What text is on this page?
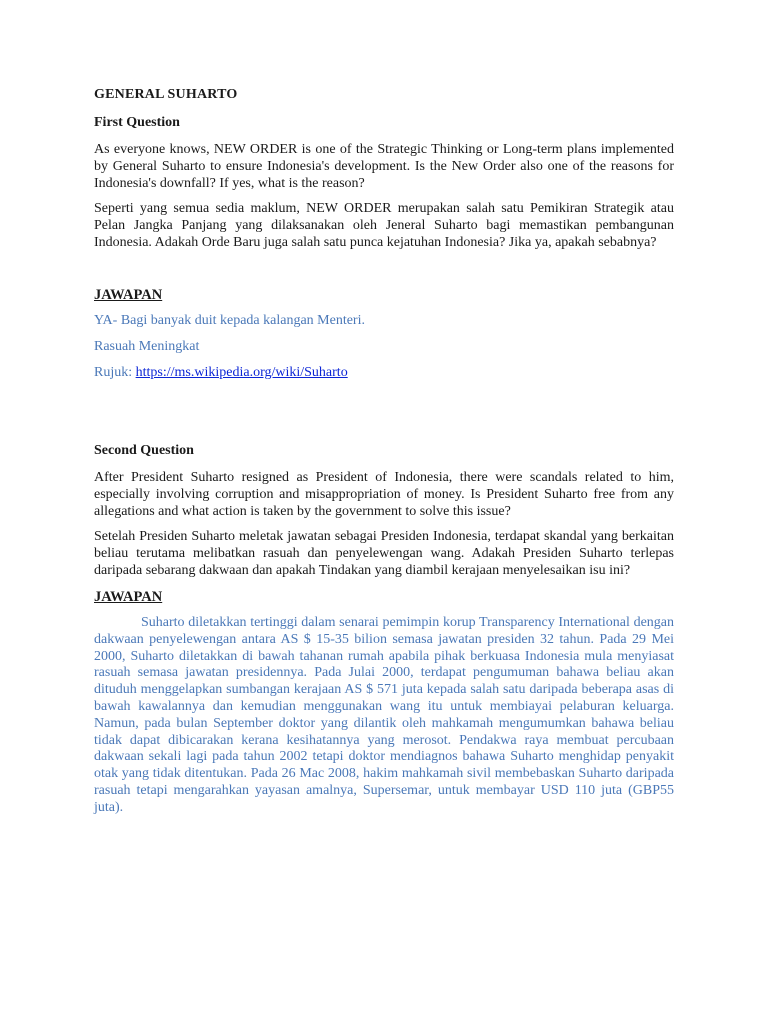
GENERAL SUHARTO

First Question

As everyone knows, NEW ORDER is one of the Strategic Thinking or Long-term plans implemented by General Suharto to ensure Indonesia's development. Is the New Order also one of the reasons for Indonesia's downfall? If yes, what is the reason?

Seperti yang semua sedia maklum, NEW ORDER merupakan salah satu Pemikiran Strategik atau Pelan Jangka Panjang yang dilaksanakan oleh Jeneral Suharto bagi memastikan pembangunan Indonesia. Adakah Orde Baru juga salah satu punca kejatuhan Indonesia? Jika ya, apakah sebabnya?

JAWAPAN

YA- Bagi banyak duit kepada kalangan Menteri.

Rasuah Meningkat

Rujuk: https://ms.wikipedia.org/wiki/Suharto

Second Question

After President Suharto resigned as President of Indonesia, there were scandals related to him, especially involving corruption and misappropriation of money. Is President Suharto free from any allegations and what action is taken by the government to solve this issue?

Setelah Presiden Suharto meletak jawatan sebagai Presiden Indonesia, terdapat skandal yang berkaitan beliau terutama melibatkan rasuah dan penyelewengan wang. Adakah Presiden Suharto terlepas daripada sebarang dakwaan dan apakah Tindakan yang diambil kerajaan menyelesaikan isu ini?

JAWAPAN

Suharto diletakkan tertinggi dalam senarai pemimpin korup Transparency International dengan dakwaan penyelewengan antara AS $ 15-35 bilion semasa jawatan presiden 32 tahun. Pada 29 Mei 2000, Suharto diletakkan di bawah tahanan rumah apabila pihak berkuasa Indonesia mula menyiasat rasuah semasa jawatan presidennya. Pada Julai 2000, terdapat pengumuman bahawa beliau akan dituduh menggelapkan sumbangan kerajaan AS $ 571 juta kepada salah satu daripada beberapa asas di bawah kawalannya dan kemudian menggunakan wang itu untuk membiayai pelaburan keluarga. Namun, pada bulan September doktor yang dilantik oleh mahkamah mengumumkan bahawa beliau tidak dapat dibicarakan kerana kesihatannya yang merosot. Pendakwa raya membuat percubaan dakwaan sekali lagi pada tahun 2002 tetapi doktor mendiagnos bahawa Suharto menghidap penyakit otak yang tidak ditentukan. Pada 26 Mac 2008, hakim mahkamah sivil membebaskan Suharto daripada rasuah tetapi mengarahkan yayasan amalnya, Supersemar, untuk membayar USD 110 juta (GBP55 juta).
